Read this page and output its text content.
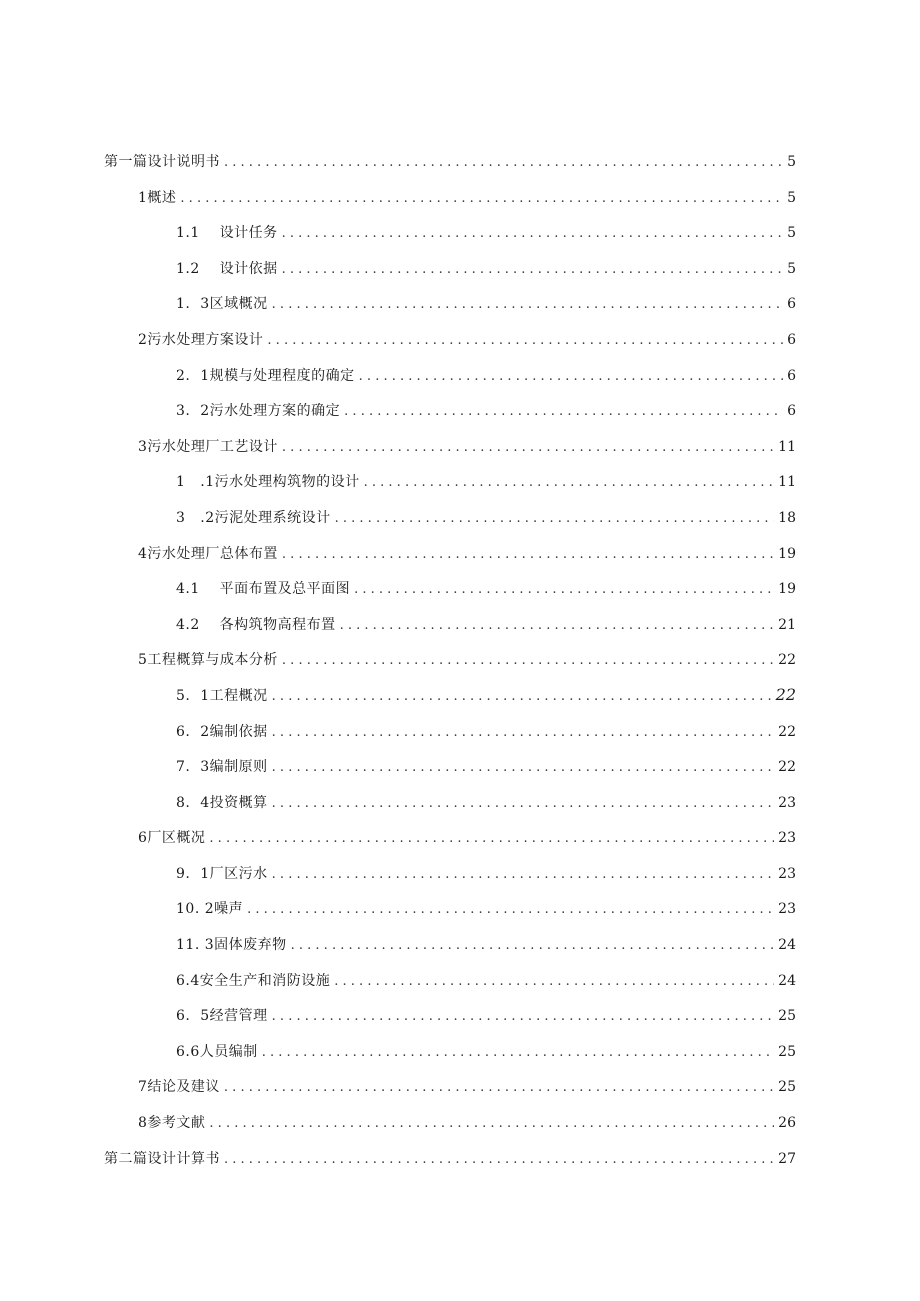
第一篇设计说明书 . . .	5
1概述 . . .	5
1.1    设计任务 . . .	5
1.2    设计依据 . . .	5
1.  3区域概况 . . .	6
2污水处理方案设计 . . .	6
2.  1规模与处理程度的确定 . . .	6
3.  2污水处理方案的确定 . . .	6
3污水处理厂工艺设计 . . .	11
1   .1污水处理构筑物的设计 . . .	11
3   .2污泥处理系统设计 . . .	18
4污水处理厂总体布置 . . .	19
4.1    平面布置及总平面图 . . .	19
4.2    各构筑物高程布置 . . .	21
5工程概算与成本分析 . . .	22
5.  1工程概况 . . .	22
6.  2编制依据 . . .	22
7.  3编制原则 . . .	22
8.  4投资概算 . . .	23
6厂区概况 . . .	23
9.  1厂区污水 . . .	23
10. 2噪声 . . .	23
11. 3固体废弃物 . . .	24
6.4安全生产和消防设施 . . .	24
6.  5经营管理 . . .	25
6.6人员编制 . . .	25
7结论及建议 . . .	25
8参考文献 . . .	26
第二篇设计计算书 . . .	27
